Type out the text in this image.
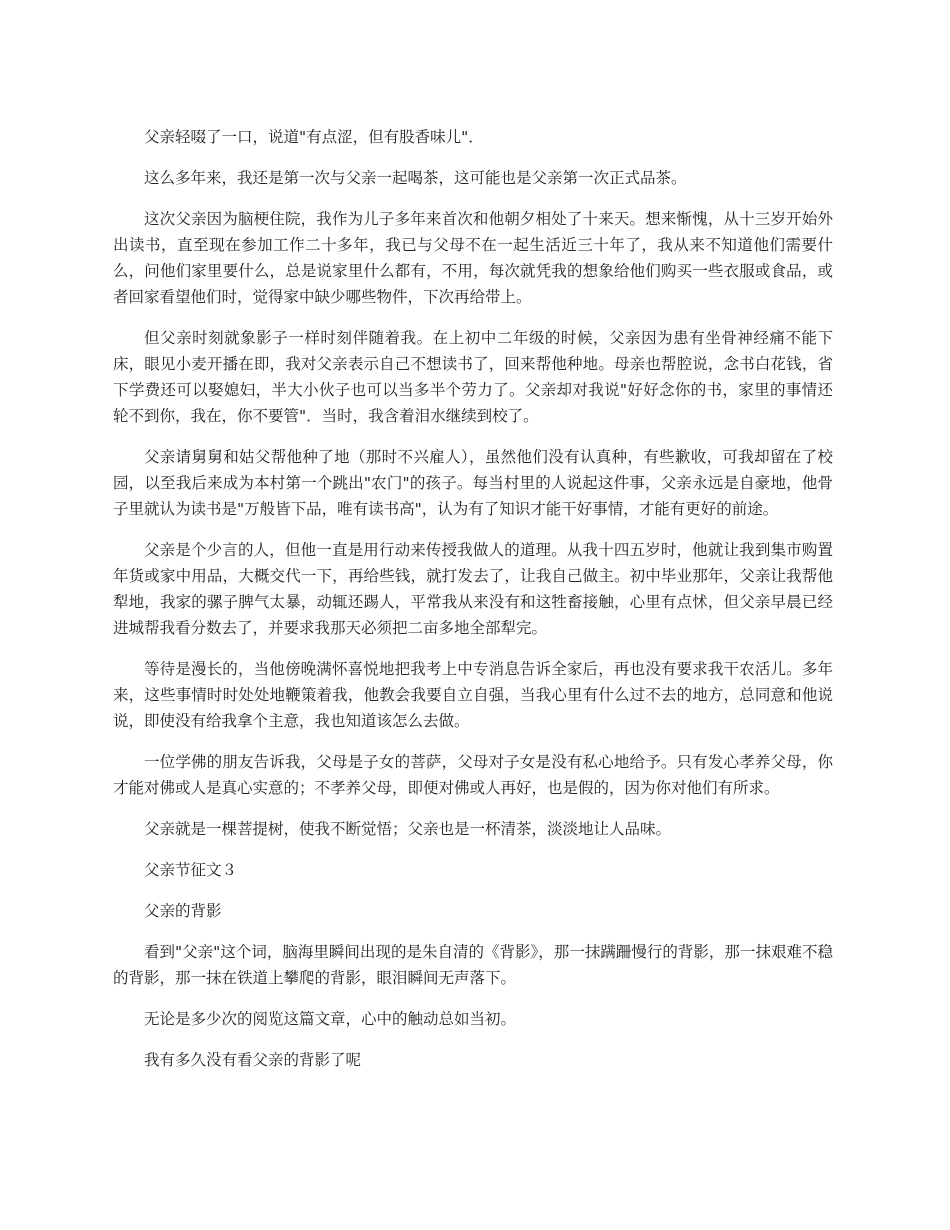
父亲轻啜了一口，说道"有点涩，但有股香味儿"．

这么多年来，我还是第一次与父亲一起喝茶，这可能也是父亲第一次正式品茶。

这次父亲因为脑梗住院，我作为儿子多年来首次和他朝夕相处了十来天。想来惭愧，从十三岁开始外出读书，直至现在参加工作二十多年，我已与父母不在一起生活近三十年了，我从来不知道他们需要什么，问他们家里要什么，总是说家里什么都有，不用，每次就凭我的想象给他们购买一些衣服或食品，或者回家看望他们时，觉得家中缺少哪些物件，下次再给带上。

但父亲时刻就象影子一样时刻伴随着我。在上初中二年级的时候，父亲因为患有坐骨神经痛不能下床，眼见小麦开播在即，我对父亲表示自己不想读书了，回来帮他种地。母亲也帮腔说，念书白花钱，省下学费还可以娶媳妇，半大小伙子也可以当多半个劳力了。父亲却对我说"好好念你的书，家里的事情还轮不到你，我在，你不要管"．当时，我含着泪水继续到校了。

父亲请舅舅和姑父帮他种了地（那时不兴雇人），虽然他们没有认真种，有些歉收，可我却留在了校园，以至我后来成为本村第一个跳出"农门"的孩子。每当村里的人说起这件事，父亲永远是自豪地，他骨子里就认为读书是"万般皆下品，唯有读书高"，认为有了知识才能干好事情，才能有更好的前途。

父亲是个少言的人，但他一直是用行动来传授我做人的道理。从我十四五岁时，他就让我到集市购置年货或家中用品，大概交代一下，再给些钱，就打发去了，让我自己做主。初中毕业那年，父亲让我帮他犁地，我家的骡子脾气太暴，动辄还踢人，平常我从来没有和这牲畜接触，心里有点怵，但父亲早晨已经进城帮我看分数去了，并要求我那天必须把二亩多地全部犁完。

等待是漫长的，当他傍晚满怀喜悦地把我考上中专消息告诉全家后，再也没有要求我干农活儿。多年来，这些事情时时处处地鞭策着我，他教会我要自立自强，当我心里有什么过不去的地方，总同意和他说说，即使没有给我拿个主意，我也知道该怎么去做。

一位学佛的朋友告诉我，父母是子女的菩萨，父母对子女是没有私心地给予。只有发心孝养父母，你才能对佛或人是真心实意的；不孝养父母，即便对佛或人再好，也是假的，因为你对他们有所求。

父亲就是一棵菩提树，使我不断觉悟；父亲也是一杯清茶，淡淡地让人品味。

父亲节征文３

父亲的背影

看到"父亲"这个词，脑海里瞬间出现的是朱自清的《背影》，那一抹蹒跚慢行的背影，那一抹艰难不稳的背影，那一抹在铁道上攀爬的背影，眼泪瞬间无声落下。

无论是多少次的阅览这篇文章，心中的触动总如当初。

我有多久没有看父亲的背影了呢
